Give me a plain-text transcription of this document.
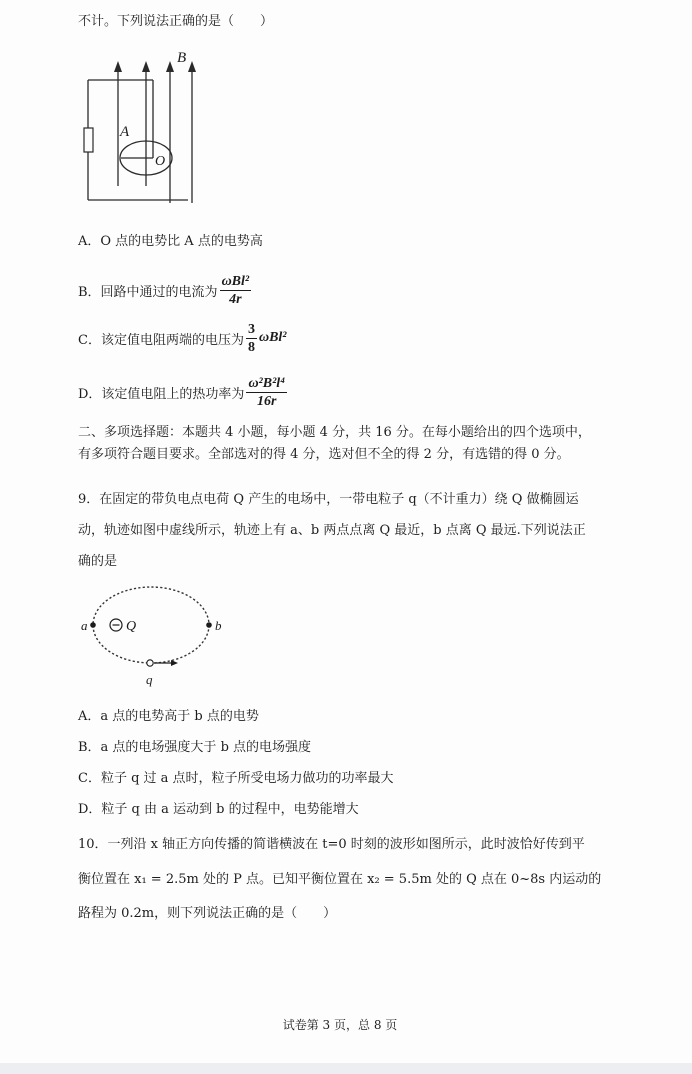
不计。下列说法正确的是（　　）
B
A
O
A．O 点的电势比 A 点的电势高
B．回路中通过的电流为 $\frac{\text{ωBl²}}{4r}$
C．该定值电阻两端的电压为 $\frac{3}{8} \omega Bl^2$
D．该定值电阻上的热功率为 $\frac{\text{ω²B²l⁴}}{16r}$
二、多项选择题：本题共 4 小题，每小题 4 分，共 16 分。在每小题给出的四个选项中，
有多项符合题目要求。全部选对的得 4 分，选对但不全的得 2 分，有选错的得 0 分。
9．在固定的带负电点电荷 Q 产生的电场中，一带电粒子 q（不计重力）绕 Q 做椭圆运
动，轨迹如图中虚线所示，轨迹上有 a、b 两点点离 Q 最近，b 点离 Q 最远.下列说法正
确的是
a	Q	b
q
A．a 点的电势高于 b 点的电势
B．a 点的电场强度大于 b 点的电场强度
C．粒子 q 过 a 点时，粒子所受电场力做功的功率最大
D．粒子 q 由 a 运动到 b 的过程中，电势能增大
10．一列沿 x 轴正方向传播的简谐横波在 t=0 时刻的波形如图所示，此时波恰好传到平
衡位置在 x₁ = 2.5m 处的 P 点。已知平衡位置在 x₂ = 5.5m 处的 Q 点在 0~8s 内运动的
路程为 0.2m，则下列说法正确的是（　　）
试卷第 3 页，总 8 页
